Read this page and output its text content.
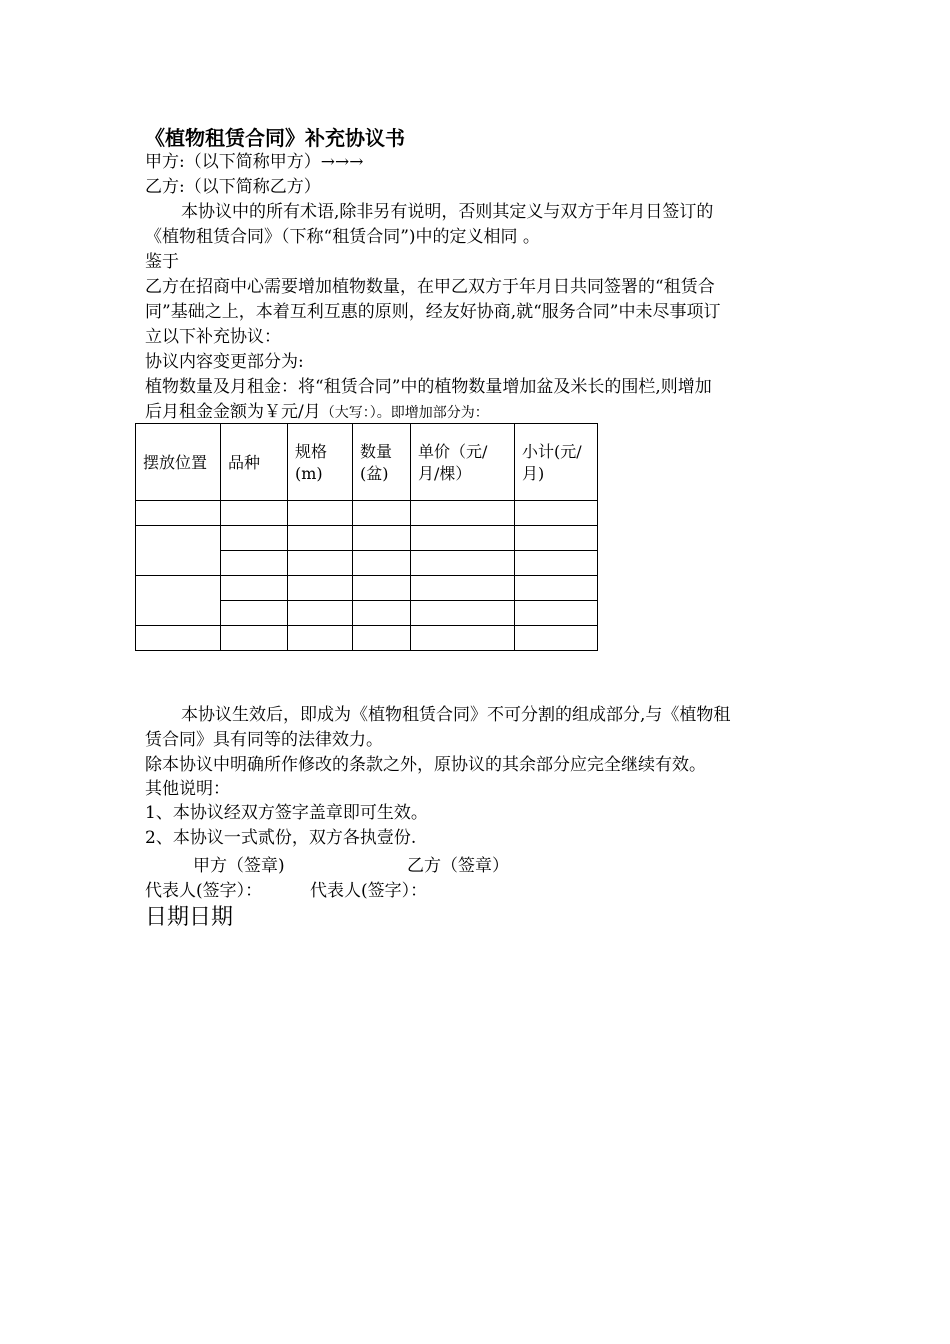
《植物租赁合同》补充协议书
甲方:（以下简称甲方）→→→
乙方:（以下简称乙方）
本协议中的所有术语,除非另有说明，否则其定义与双方于年月日签订的
《植物租赁合同》（下称“租赁合同”)中的定义相同 。
鉴于
乙方在招商中心需要增加植物数量，在甲乙双方于年月日共同签署的“租赁合
同”基础之上，本着互利互惠的原则，经友好协商,就“服务合同”中未尽事项订
立以下补充协议：
协议内容变更部分为:
植物数量及月租金：将“租赁合同”中的植物数量增加盆及米长的围栏,则增加
后月租金金额为￥元/月（大写：）。即增加部分为：
摆放位置	品种	规格(m)	数量(盆)	单价（元/月/棵）	小计(元/月)

本协议生效后，即成为《植物租赁合同》不可分割的组成部分,与《植物租
赁合同》具有同等的法律效力。
除本协议中明确所作修改的条款之外，原协议的其余部分应完全继续有效。
其他说明：
1、本协议经双方签字盖章即可生效。
2、本协议一式贰份，双方各执壹份.
甲方（签章)	乙方（签章）
代表人(签字）：	代表人(签字）：
日期日期
